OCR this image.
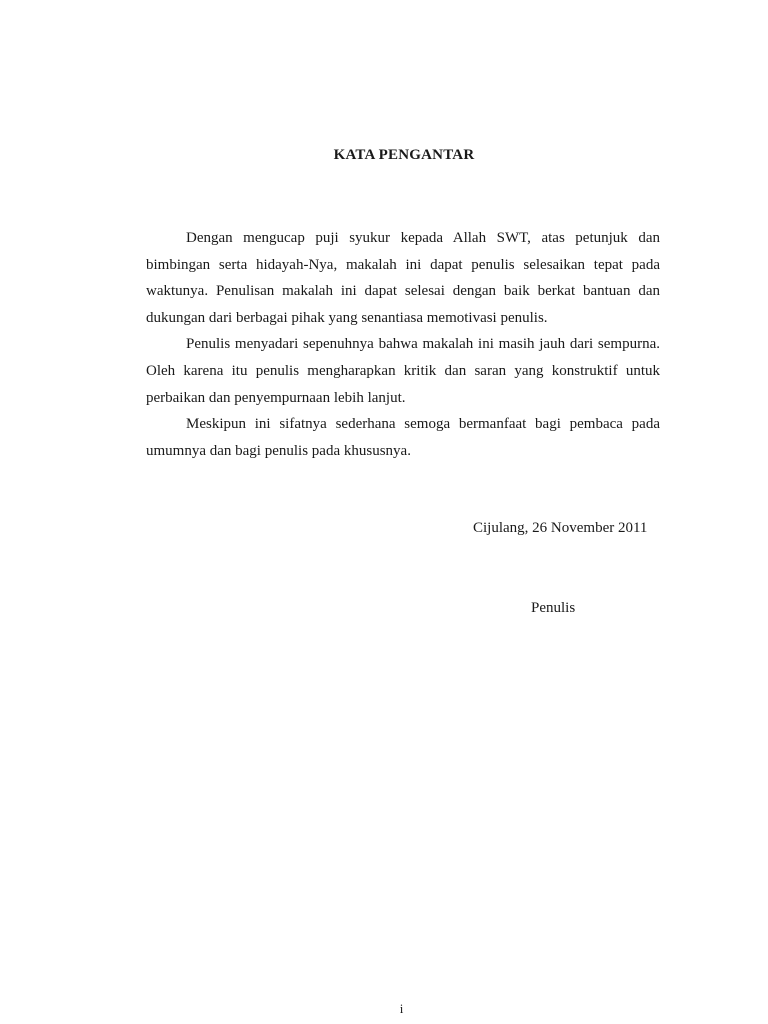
KATA PENGANTAR

Dengan mengucap puji syukur kepada Allah SWT, atas petunjuk dan bimbingan serta hidayah-Nya, makalah ini dapat penulis selesaikan tepat pada waktunya. Penulisan makalah ini dapat selesai dengan baik berkat bantuan dan dukungan dari berbagai pihak yang senantiasa memotivasi penulis.

Penulis menyadari sepenuhnya bahwa makalah ini masih jauh dari sempurna. Oleh karena itu penulis mengharapkan kritik dan saran yang konstruktif untuk perbaikan dan penyempurnaan lebih lanjut.

Meskipun ini sifatnya sederhana semoga bermanfaat bagi pembaca pada umumnya dan bagi penulis pada khususnya.

Cijulang, 26 November 2011
Penulis
i
